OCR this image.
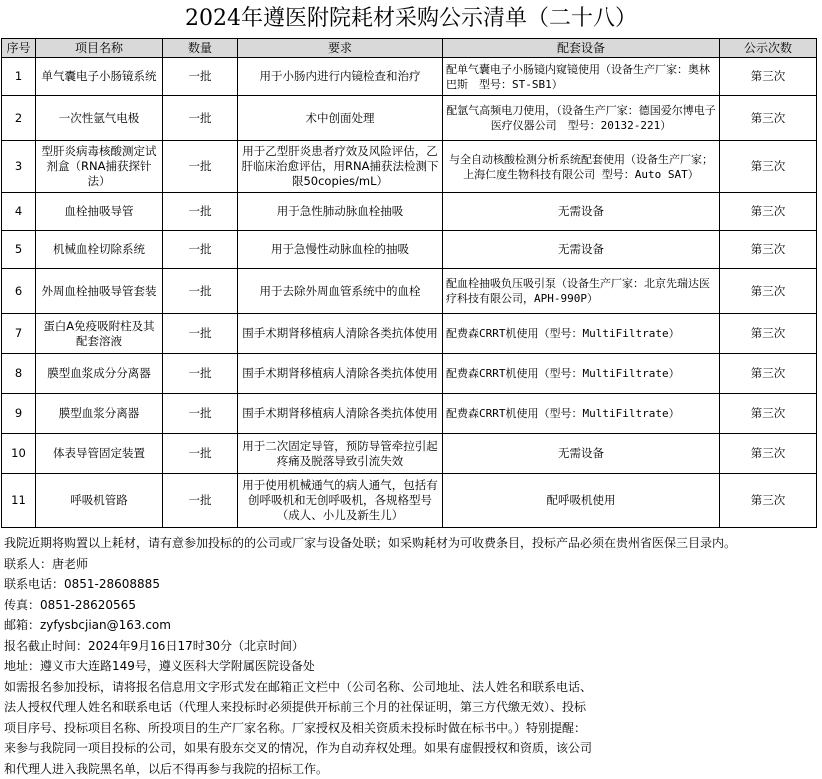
2024年遵医附院耗材采购公示清单（二十八）
序号	项目名称	数量	要求	配套设备	公示次数
1	单气囊电子小肠镜系统	一批	用于小肠内进行内镜检查和治疗	配单气囊电子小肠镜内窥镜使用（设备生产厂家：奥林巴斯　型号：ST-SB1）	第三次
2	一次性氩气电极	一批	术中创面处理	配氩气高频电刀使用，（设备生产厂家：德国爱尔博电子医疗仪器公司　型号：20132-221）	第三次
3	型肝炎病毒核酸测定试剂盒（RNA捕获探针法）	一批	用于乙型肝炎患者疗效及风险评估，乙肝临床治愈评估，用RNA捕获法检测下限50copies/mL）	与全自动核酸检测分析系统配套使用（设备生产厂家；上海仁度生物科技有限公司 型号：Auto SAT）	第三次
4	血栓抽吸导管	一批	用于急性肺动脉血栓抽吸	无需设备	第三次
5	机械血栓切除系统	一批	用于急慢性动脉血栓的抽吸	无需设备	第三次
6	外周血栓抽吸导管套装	一批	用于去除外周血管系统中的血栓	配血栓抽吸负压吸引泵（设备生产厂家：北京先瑞达医疗科技有限公司，APH-990P）	第三次
7	蛋白A免疫吸附柱及其配套溶液	一批	围手术期肾移植病人清除各类抗体使用	配费森CRRT机使用（型号：MultiFiltrate）	第三次
8	膜型血浆成分分离器	一批	围手术期肾移植病人清除各类抗体使用	配费森CRRT机使用（型号：MultiFiltrate）	第三次
9	膜型血浆分离器	一批	围手术期肾移植病人清除各类抗体使用	配费森CRRT机使用（型号：MultiFiltrate）	第三次
10	体表导管固定装置	一批	用于二次固定导管，预防导管牵拉引起疼痛及脱落导致引流失效	无需设备	第三次
11	呼吸机管路	一批	用于使用机械通气的病人通气，包括有创呼吸机和无创呼吸机，各规格型号（成人、小儿及新生儿）	配呼吸机使用	第三次
我院近期将购置以上耗材，请有意参加投标的的公司或厂家与设备处联；如采购耗材为可收费条目，投标产品必须在贵州省医保三目录内。
联系人：唐老师
联系电话：0851-28608885
传真：0851-28620565
邮箱：zyfysbcjian@163.com
报名截止时间：2024年9月16日17时30分（北京时间）
地址：遵义市大连路149号，遵义医科大学附属医院设备处
如需报名参加投标，请将报名信息用文字形式发在邮箱正文栏中（公司名称、公司地址、法人姓名和联系电话、法人授权代理人姓名和联系电话（代理人来投标时必须提供开标前三个月的社保证明，第三方代缴无效）、投标项目序号、投标项目名称、所投项目的生产厂家名称。厂家授权及相关资质未投标时做在标书中。）特别提醒：来参与我院同一项目投标的公司，如果有股东交叉的情况，作为自动弃权处理。如果有虚假授权和资质，该公司和代理人进入我院黑名单，以后不得再参与我院的招标工作。
